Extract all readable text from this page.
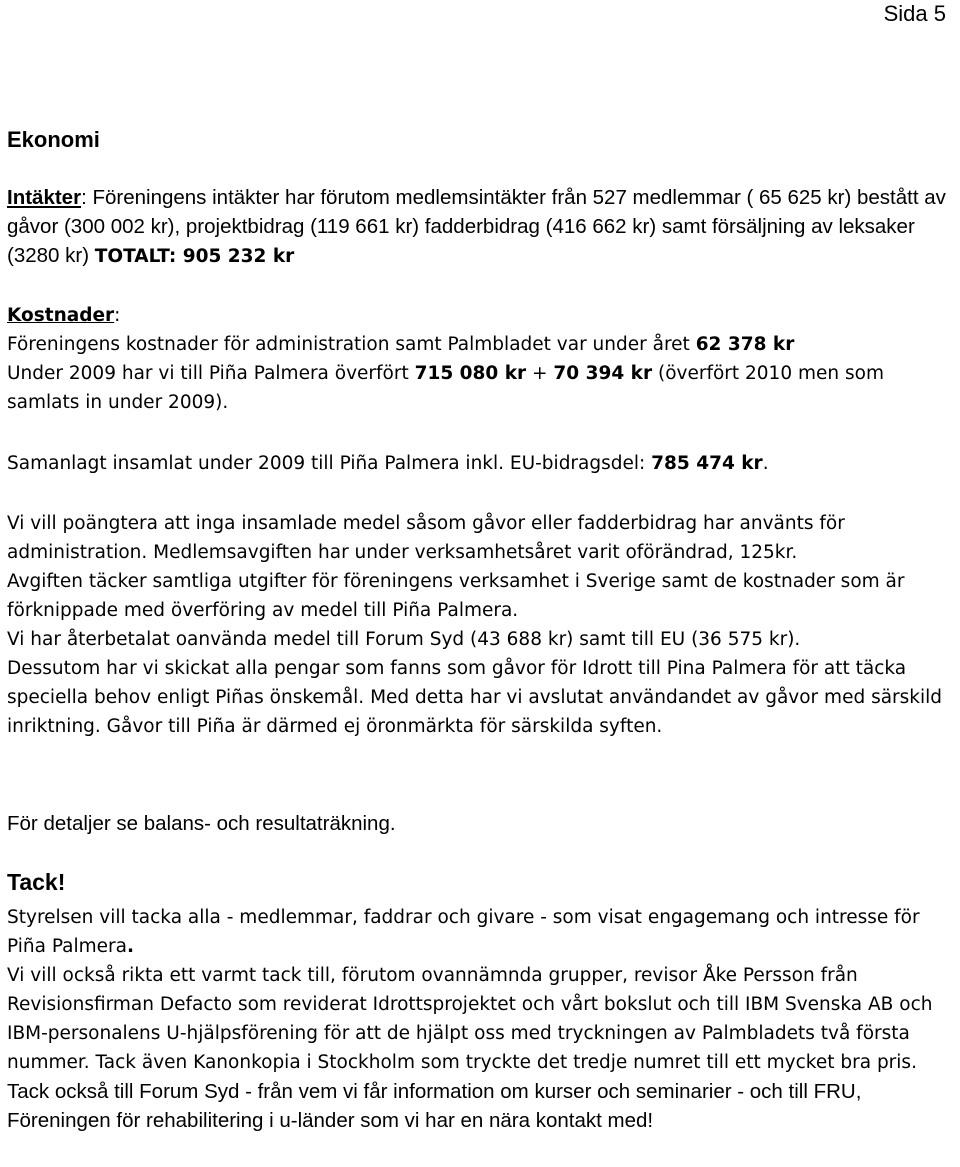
Sida 5
Ekonomi

Intäkter: Föreningens intäkter har förutom medlemsintäkter från 527 medlemmar ( 65 625 kr) bestått av gåvor (300 002 kr), projektbidrag (119 661 kr) fadderbidrag (416 662 kr) samt försäljning av leksaker (3280 kr) TOTALT: 905 232 kr

Kostnader:
Föreningens kostnader för administration samt Palmbladet var under året 62 378 kr
Under 2009 har vi till Piña Palmera överfört 715 080 kr + 70 394 kr (överfört 2010 men som samlats in under 2009).
Samanlagt insamlat under 2009 till Piña Palmera inkl. EU-bidragsdel: 785 474 kr.
Vi vill poängtera att inga insamlade medel såsom gåvor eller fadderbidrag har använts för administration. Medlemsavgiften har under verksamhetsåret varit oförändrad, 125kr.
Avgiften täcker samtliga utgifter för föreningens verksamhet i Sverige samt de kostnader som är förknippade med överföring av medel till Piña Palmera.
Vi har återbetalat oanvända medel till Forum Syd (43 688 kr) samt till EU (36 575 kr).
Dessutom har vi skickat alla pengar som fanns som gåvor för Idrott till Pina Palmera för att täcka speciella behov enligt Piñas önskemål. Med detta har vi avslutat användandet av gåvor med särskild inriktning. Gåvor till Piña är därmed ej öronmärkta för särskilda syften.
För detaljer se balans- och resultaträkning.
Tack!
Styrelsen vill tacka alla - medlemmar, faddrar och givare - som visat engagemang och intresse för Piña Palmera.
Vi vill också rikta ett varmt tack till, förutom ovannämnda grupper, revisor Åke Persson från Revisionsfirman Defacto som reviderat Idrottsprojektet och vårt bokslut och till IBM Svenska AB och IBM-personalens U-hjälpsförening för att de hjälpt oss med tryckningen av Palmbladets två första nummer. Tack även Kanonkopia i Stockholm som tryckte det tredje numret till ett mycket bra pris.
Tack också till Forum Syd - från vem vi får information om kurser och seminarier - och till FRU, Föreningen för rehabilitering i u-länder som vi har en nära kontakt med!
